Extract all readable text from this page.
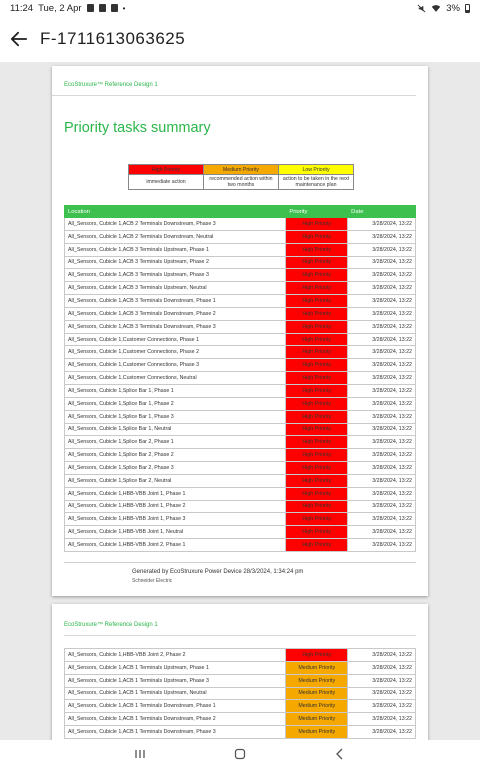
11:24 Tue, 2 Apr	•	3%
F-1711613063625
EcoStruxure™ Reference Design 1
Priority tasks summary
High Priority	Medium Priority	Low Priority
immediate action	recommended action within two months	action to be taken in the next maintenance plan
Location	Priority	Date
All_Sensors, Cubicle 1,ACB 2 Terminals Downstream, Phase 3	High Priority	3/28/2024, 13:22
All_Sensors, Cubicle 1,ACB 2 Terminals Downstream, Neutral	High Priority	3/28/2024, 13:22
All_Sensors, Cubicle 1,ACB 3 Terminals Upstream, Phase 1	High Priority	3/28/2024, 13:22
All_Sensors, Cubicle 1,ACB 3 Terminals Upstream, Phase 2	High Priority	3/28/2024, 13:22
All_Sensors, Cubicle 1,ACB 3 Terminals Upstream, Phase 3	High Priority	3/28/2024, 13:22
All_Sensors, Cubicle 1,ACB 3 Terminals Upstream, Neutral	High Priority	3/28/2024, 13:22
All_Sensors, Cubicle 1,ACB 3 Terminals Downstream, Phase 1	High Priority	3/28/2024, 13:22
All_Sensors, Cubicle 1,ACB 3 Terminals Downstream, Phase 2	High Priority	3/28/2024, 13:22
All_Sensors, Cubicle 1,ACB 3 Terminals Downstream, Phase 3	High Priority	3/28/2024, 13:22
All_Sensors, Cubicle 1,Customer Connections, Phase 1	High Priority	3/28/2024, 13:22
All_Sensors, Cubicle 1,Customer Connections, Phase 2	High Priority	3/28/2024, 13:22
All_Sensors, Cubicle 1,Customer Connections, Phase 3	High Priority	3/28/2024, 13:22
All_Sensors, Cubicle 1,Customer Connections, Neutral	High Priority	3/28/2024, 13:22
All_Sensors, Cubicle 1,Splice Bar 1, Phase 1	High Priority	3/28/2024, 13:22
All_Sensors, Cubicle 1,Splice Bar 1, Phase 2	High Priority	3/28/2024, 13:22
All_Sensors, Cubicle 1,Splice Bar 1, Phase 3	High Priority	3/28/2024, 13:22
All_Sensors, Cubicle 1,Splice Bar 1, Neutral	High Priority	3/28/2024, 13:22
All_Sensors, Cubicle 1,Splice Bar 2, Phase 1	High Priority	3/28/2024, 13:22
All_Sensors, Cubicle 1,Splice Bar 2, Phase 2	High Priority	3/28/2024, 13:22
All_Sensors, Cubicle 1,Splice Bar 2, Phase 3	High Priority	3/28/2024, 13:22
All_Sensors, Cubicle 1,Splice Bar 2, Neutral	High Priority	3/28/2024, 13:22
All_Sensors, Cubicle 1,HBB-VBB Joint 1, Phase 1	High Priority	3/28/2024, 13:22
All_Sensors, Cubicle 1,HBB-VBB Joint 1, Phase 2	High Priority	3/28/2024, 13:22
All_Sensors, Cubicle 1,HBB-VBB Joint 1, Phase 3	High Priority	3/28/2024, 13:22
All_Sensors, Cubicle 1,HBB-VBB Joint 1, Neutral	High Priority	3/28/2024, 13:22
All_Sensors, Cubicle 1,HBB-VBB Joint 2, Phase 1	High Priority	3/28/2024, 13:22
Generated by EcoStruxure Power Device 28/3/2024, 1:34:24 pm
Schneider Electric
EcoStruxure™ Reference Design 1
All_Sensors, Cubicle 1,HBB-VBB Joint 2, Phase 2	High Priority	3/28/2024, 13:22
All_Sensors, Cubicle 1,ACB 1 Terminals Upstream, Phase 1	Medium Priority	3/28/2024, 13:22
All_Sensors, Cubicle 1,ACB 1 Terminals Upstream, Phase 3	Medium Priority	3/28/2024, 13:22
All_Sensors, Cubicle 1,ACB 1 Terminals Upstream, Neutral	Medium Priority	3/28/2024, 13:22
All_Sensors, Cubicle 1,ACB 1 Terminals Downstream, Phase 1	Medium Priority	3/28/2024, 13:22
All_Sensors, Cubicle 1,ACB 1 Terminals Downstream, Phase 2	Medium Priority	3/28/2024, 13:22
All_Sensors, Cubicle 1,ACB 1 Terminals Downstream, Phase 3	Medium Priority	3/28/2024, 13:22
